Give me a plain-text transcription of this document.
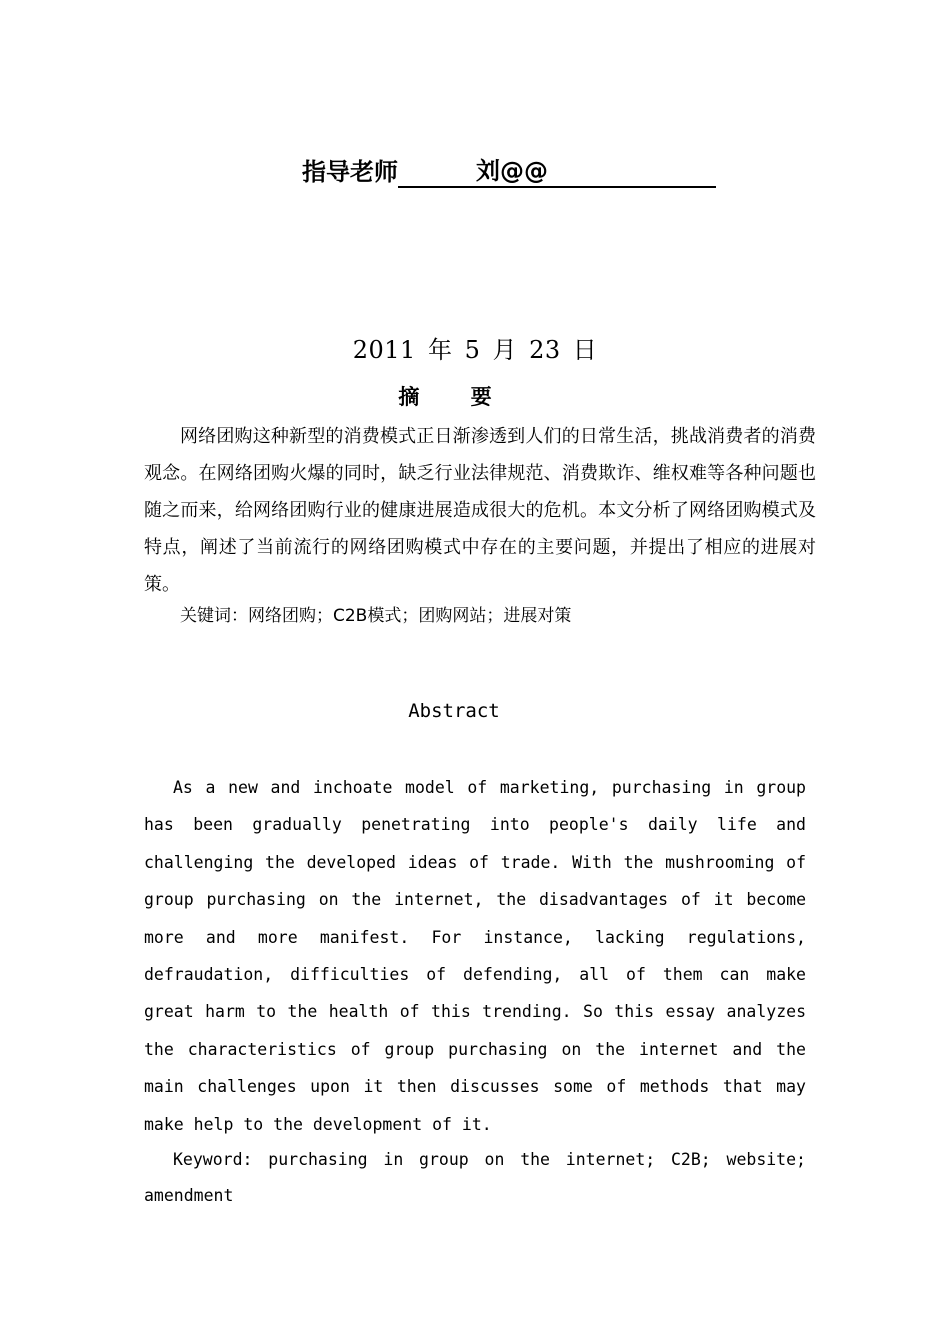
指导老师	刘@@
2011 年 5 月 23 日
摘 要
网络团购这种新型的消费模式正日渐渗透到人们的日常生活，挑战消费者的消费观念。在网络团购火爆的同时，缺乏行业法律规范、消费欺诈、维权难等各种问题也随之而来，给网络团购行业的健康进展造成很大的危机。本文分析了网络团购模式及特点，阐述了当前流行的网络团购模式中存在的主要问题，并提出了相应的进展对策。
关键词：网络团购；C2B模式；团购网站；进展对策
Abstract
As a new and inchoate model of marketing, purchasing in group has been gradually penetrating into people's daily life and challenging the developed ideas of trade. With the mushrooming of group purchasing on the internet, the disadvantages of it become more and more manifest. For instance, lacking regulations, defraudation, difficulties of defending, all of them can make great harm to the health of this trending. So this essay analyzes the characteristics of group purchasing on the internet and the main challenges upon it then discusses some of methods that may make help to the development of it.
Keyword: purchasing in group on the internet; C2B; website; amendment
